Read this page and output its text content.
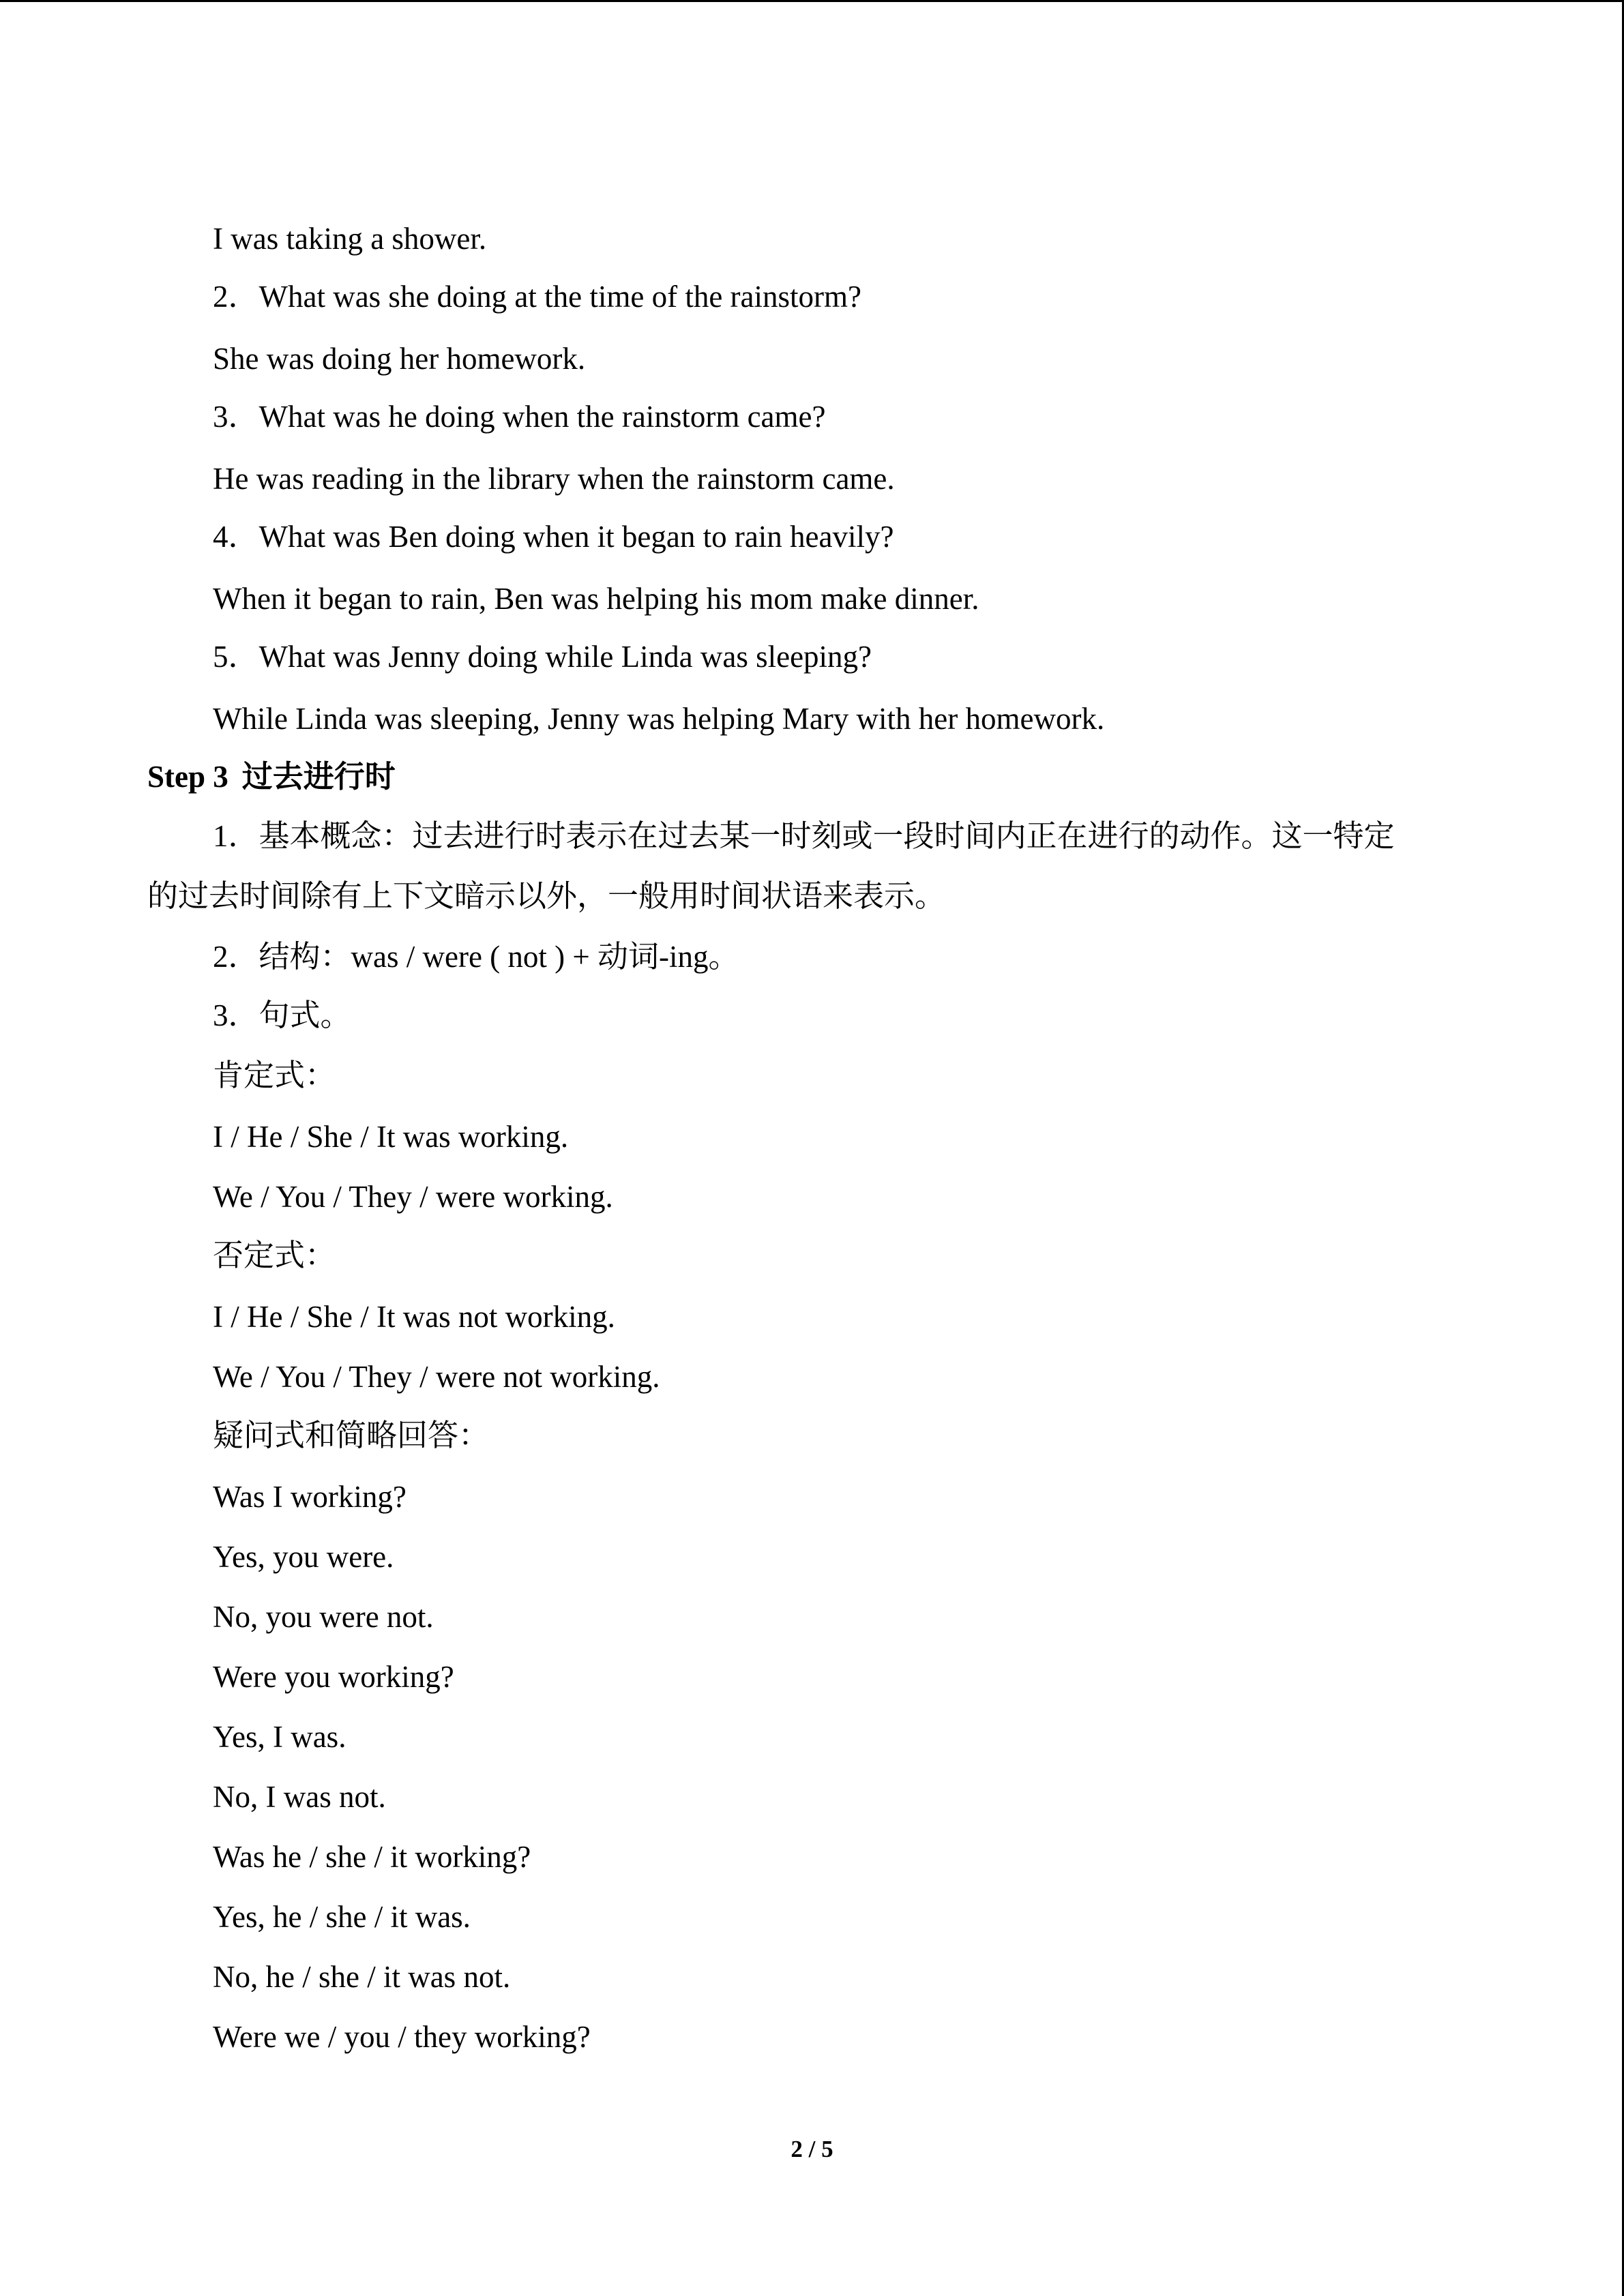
I was taking a shower.
2．What was she doing at the time of the rainstorm?
She was doing her homework.
3．What was he doing when the rainstorm came?
He was reading in the library when the rainstorm came.
4．What was Ben doing when it began to rain heavily?
When it began to rain, Ben was helping his mom make dinner.
5．What was Jenny doing while Linda was sleeping?
While Linda was sleeping, Jenny was helping Mary with her homework.
Step 3 过去进行时
1．基本概念：过去进行时表示在过去某一时刻或一段时间内正在进行的动作。这一特定
的过去时间除有上下文暗示以外，一般用时间状语来表示。
2．结构：was / were ( not ) + 动词-ing。
3．句式。
肯定式：
I / He / She / It was working.
We / You / They / were working.
否定式：
I / He / She / It was not working.
We / You / They / were not working.
疑问式和简略回答：
Was I working?
Yes, you were.
No, you were not.
Were you working?
Yes, I was.
No, I was not.
Was he / she / it working?
Yes, he / she / it was.
No, he / she / it was not.
Were we / you / they working?
2 / 5
